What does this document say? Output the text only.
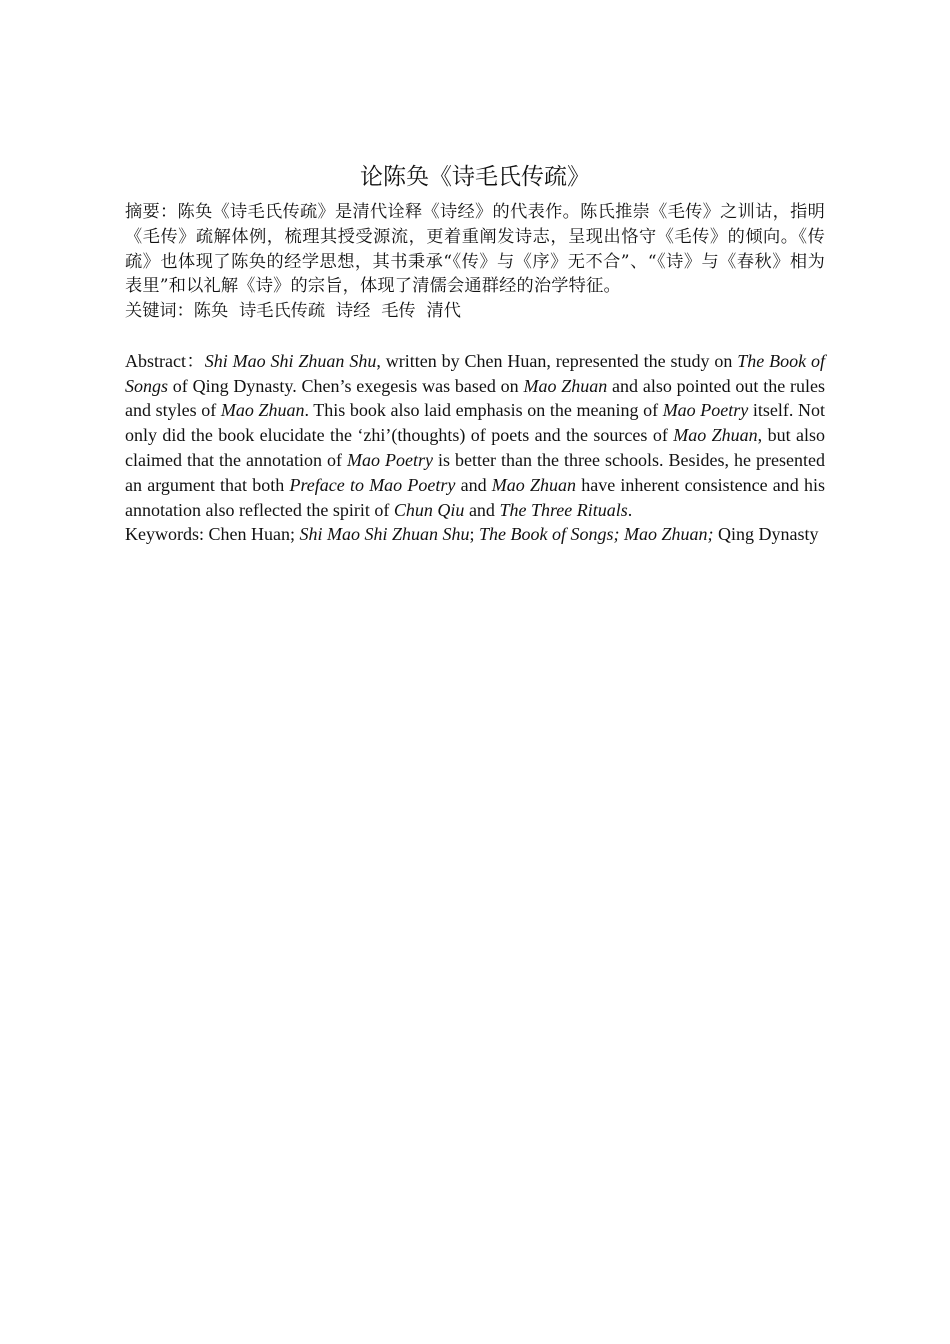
论陈奂《诗毛氏传疏》

摘要：陈奂《诗毛氏传疏》是清代诠释《诗经》的代表作。陈氏推崇《毛传》之训诂，指明《毛传》疏解体例，梳理其授受源流，更着重阐发诗志，呈现出恪守《毛传》的倾向。《传疏》也体现了陈奂的经学思想，其书秉承“《传》与《序》无不合”、“《诗》与《春秋》相为表里”和以礼解《诗》的宗旨，体现了清儒会通群经的治学特征。

关键词：陈奂  诗毛氏传疏  诗经  毛传  清代

Abstract：Shi Mao Shi Zhuan Shu, written by Chen Huan, represented the study on The Book of Songs of Qing Dynasty. Chen’s exegesis was based on Mao Zhuan and also pointed out the rules and styles of Mao Zhuan. This book also laid emphasis on the meaning of Mao Poetry itself. Not only did the book elucidate the ‘zhi’(thoughts) of poets and the sources of Mao Zhuan, but also claimed that the annotation of Mao Poetry is better than the three schools. Besides, he presented an argument that both Preface to Mao Poetry and Mao Zhuan have inherent consistence and his annotation also reflected the spirit of Chun Qiu and The Three Rituals.

Keywords: Chen Huan; Shi Mao Shi Zhuan Shu; The Book of Songs; Mao Zhuan; Qing Dynasty
